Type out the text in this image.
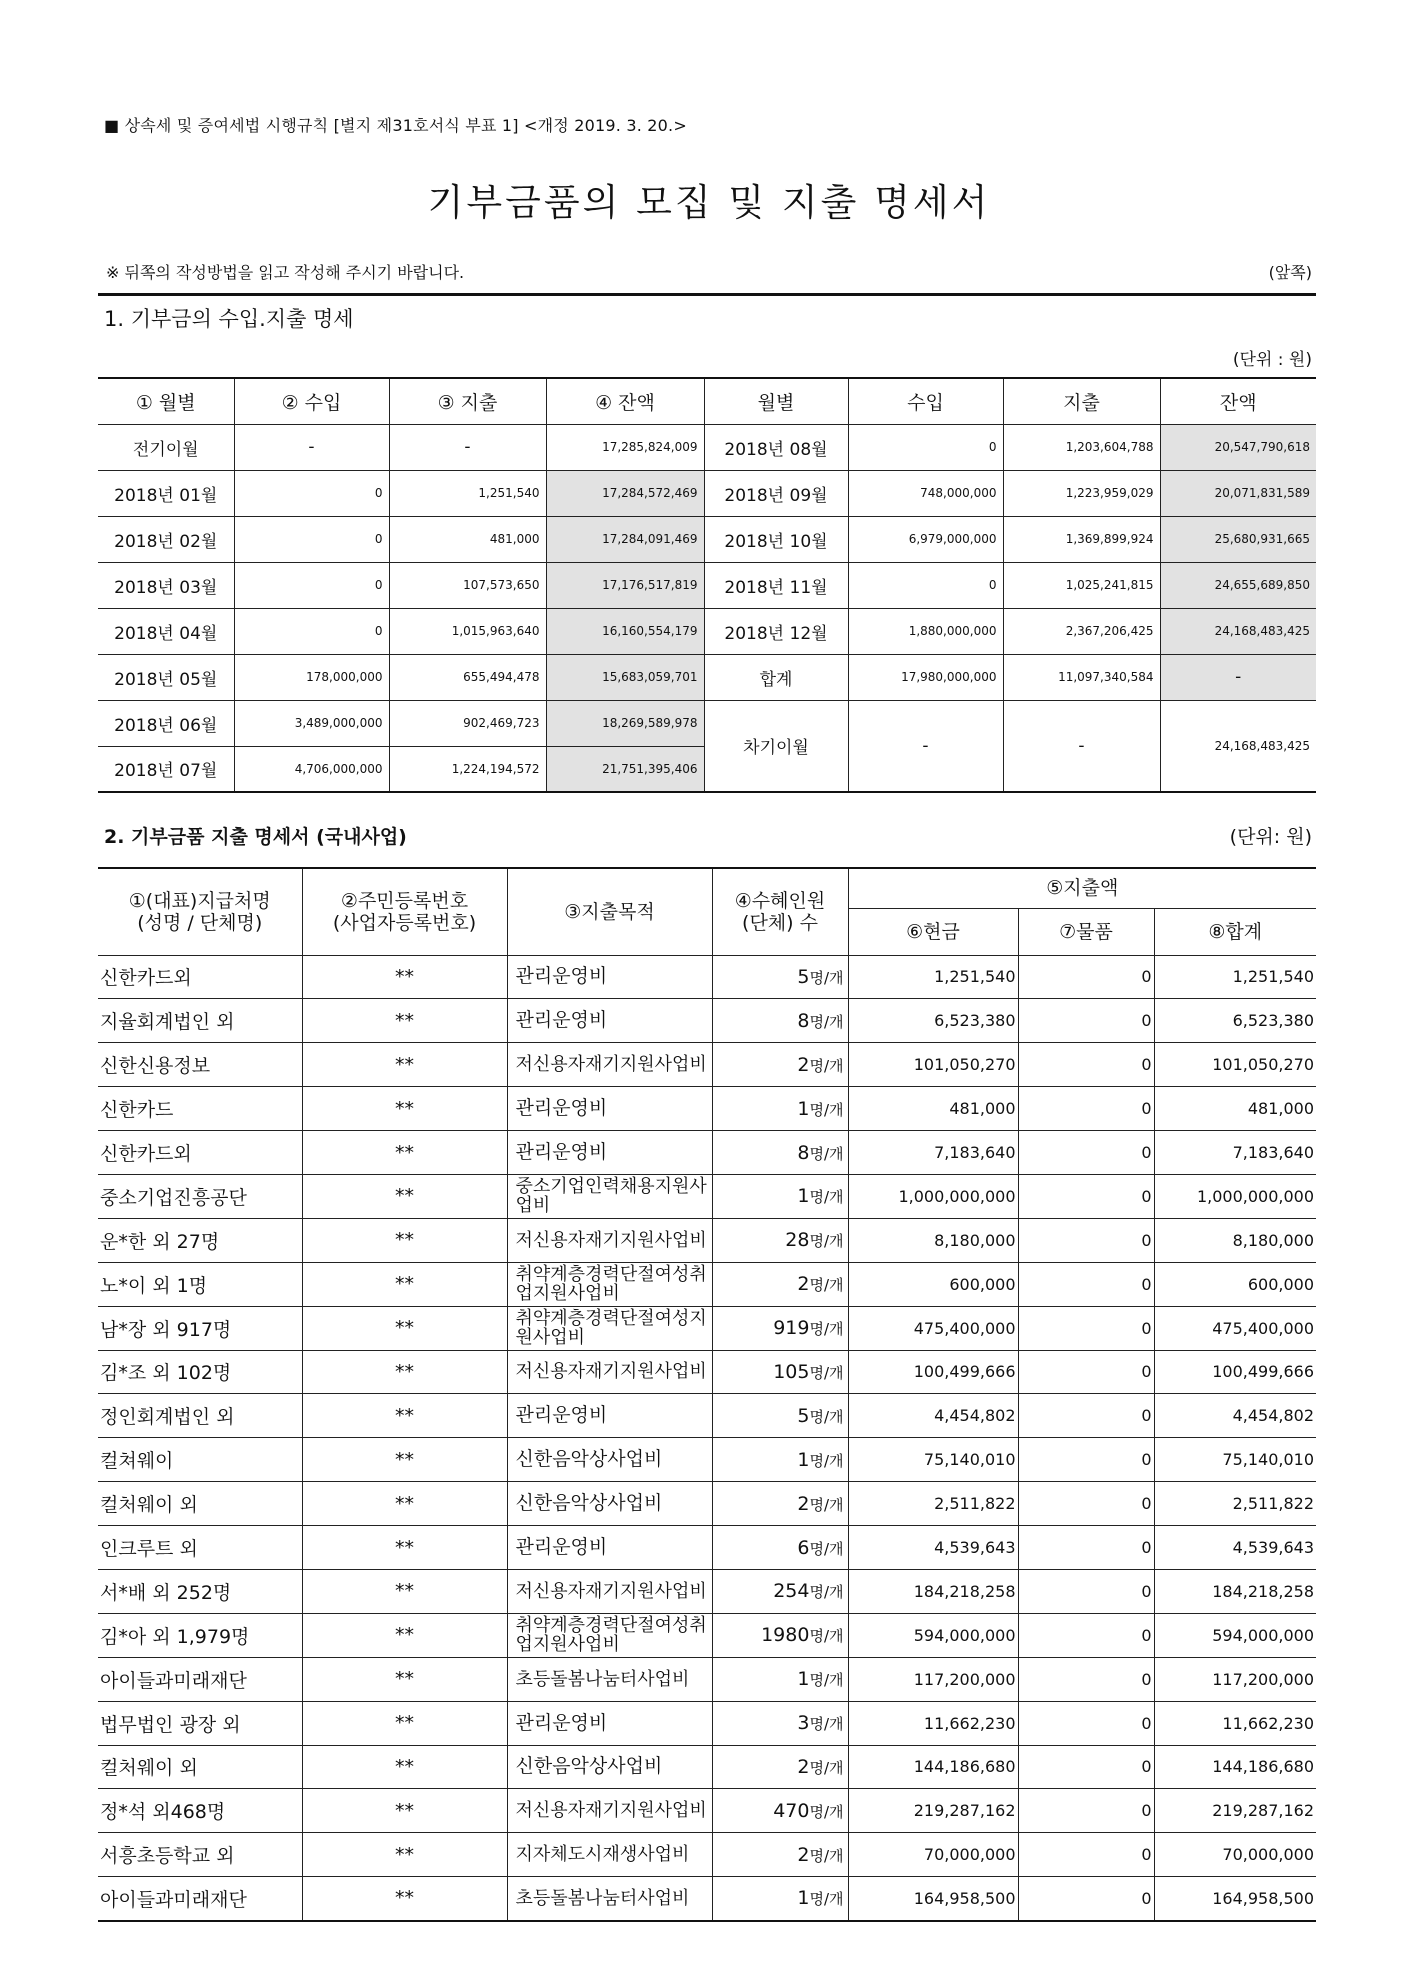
■ 상속세 및 증여세법 시행규칙 [별지 제31호서식 부표 1] <개정 2019. 3. 20.>
기부금품의 모집 및 지출 명세서
※ 뒤쪽의 작성방법을 읽고 작성해 주시기 바랍니다.	(앞쪽)
1. 기부금의 수입.지출 명세
(단위 : 원)
① 월별	② 수입	③ 지출	④ 잔액	월별	수입	지출	잔액
전기이월	-	-	17,285,824,009	2018년 08월	0	1,203,604,788	20,547,790,618
2018년 01월	0	1,251,540	17,284,572,469	2018년 09월	748,000,000	1,223,959,029	20,071,831,589
2018년 02월	0	481,000	17,284,091,469	2018년 10월	6,979,000,000	1,369,899,924	25,680,931,665
2018년 03월	0	107,573,650	17,176,517,819	2018년 11월	0	1,025,241,815	24,655,689,850
2018년 04월	0	1,015,963,640	16,160,554,179	2018년 12월	1,880,000,000	2,367,206,425	24,168,483,425
2018년 05월	178,000,000	655,494,478	15,683,059,701	합계	17,980,000,000	11,097,340,584	-
2018년 06월	3,489,000,000	902,469,723	18,269,589,978	차기이월	-	-	24,168,483,425
2018년 07월	4,706,000,000	1,224,194,572	21,751,395,406				
2. 기부금품 지출 명세서 (국내사업)	(단위: 원)
①(대표)지급처명
(성명 / 단체명)	②주민등록번호
(사업자등록번호)	③지출목적	④수혜인원
(단체) 수	⑤지출액		
				⑥현금	⑦물품	⑧합계
신한카드외	**	관리운영비	5명/개	1,251,540	0	1,251,540
지율회계법인 외	**	관리운영비	8명/개	6,523,380	0	6,523,380
신한신용정보	**	저신용자재기지원사업비	2명/개	101,050,270	0	101,050,270
신한카드	**	관리운영비	1명/개	481,000	0	481,000
신한카드외	**	관리운영비	8명/개	7,183,640	0	7,183,640
중소기업진흥공단	**	중소기업인력채용지원사업비	1명/개	1,000,000,000	0	1,000,000,000
운*한 외 27명	**	저신용자재기지원사업비	28명/개	8,180,000	0	8,180,000
노*이 외 1명	**	취약계층경력단절여성취업지원사업비	2명/개	600,000	0	600,000
남*장 외 917명	**	취약계층경력단절여성지원사업비	919명/개	475,400,000	0	475,400,000
김*조 외 102명	**	저신용자재기지원사업비	105명/개	100,499,666	0	100,499,666
정인회계법인 외	**	관리운영비	5명/개	4,454,802	0	4,454,802
컬쳐웨이	**	신한음악상사업비	1명/개	75,140,010	0	75,140,010
컬처웨이 외	**	신한음악상사업비	2명/개	2,511,822	0	2,511,822
인크루트 외	**	관리운영비	6명/개	4,539,643	0	4,539,643
서*배 외 252명	**	저신용자재기지원사업비	254명/개	184,218,258	0	184,218,258
김*아 외 1,979명	**	취약계층경력단절여성취업지원사업비	1980명/개	594,000,000	0	594,000,000
아이들과미래재단	**	초등돌봄나눔터사업비	1명/개	117,200,000	0	117,200,000
법무법인 광장 외	**	관리운영비	3명/개	11,662,230	0	11,662,230
컬처웨이 외	**	신한음악상사업비	2명/개	144,186,680	0	144,186,680
정*석 외468명	**	저신용자재기지원사업비	470명/개	219,287,162	0	219,287,162
서흥초등학교 외	**	지자체도시재생사업비	2명/개	70,000,000	0	70,000,000
아이들과미래재단	**	초등돌봄나눔터사업비	1명/개	164,958,500	0	164,958,500
